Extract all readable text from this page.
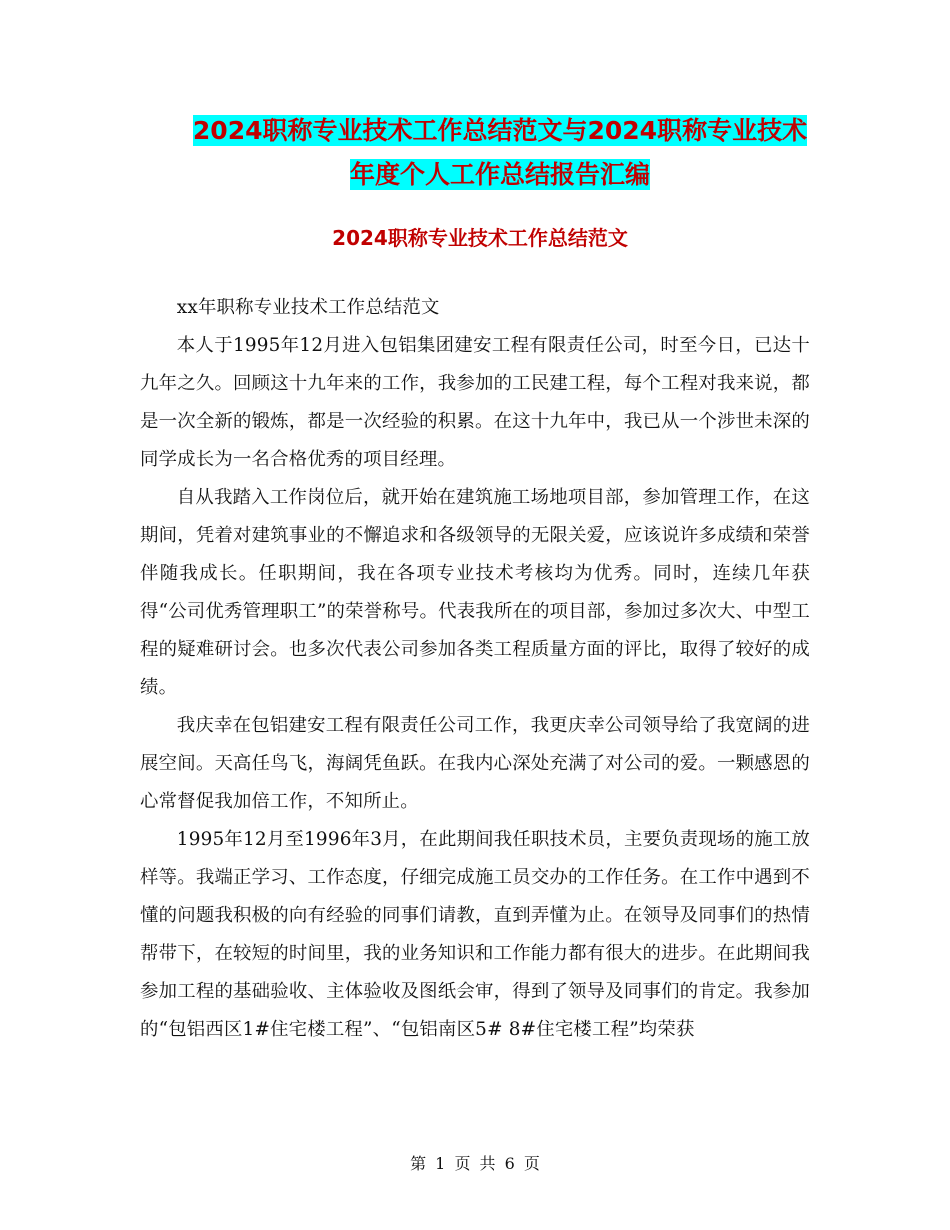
2024职称专业技术工作总结范文与2024职称专业技术
年度个人工作总结报告汇编
2024职称专业技术工作总结范文

xx年职称专业技术工作总结范文

本人于1995年12月进入包铝集团建安工程有限责任公司，时至今日，已达十九年之久。回顾这十九年来的工作，我参加的工民建工程，每个工程对我来说，都是一次全新的锻炼，都是一次经验的积累。在这十九年中，我已从一个涉世未深的同学成长为一名合格优秀的项目经理。

自从我踏入工作岗位后，就开始在建筑施工场地项目部，参加管理工作，在这期间，凭着对建筑事业的不懈追求和各级领导的无限关爱，应该说许多成绩和荣誉伴随我成长。任职期间，我在各项专业技术考核均为优秀。同时，连续几年获得“公司优秀管理职工”的荣誉称号。代表我所在的项目部，参加过多次大、中型工程的疑难研讨会。也多次代表公司参加各类工程质量方面的评比，取得了较好的成绩。

我庆幸在包铝建安工程有限责任公司工作，我更庆幸公司领导给了我宽阔的进展空间。天高任鸟飞，海阔凭鱼跃。在我内心深处充满了对公司的爱。一颗感恩的心常督促我加倍工作，不知所止。

1995年12月至1996年3月，在此期间我任职技术员，主要负责现场的施工放样等。我端正学习、工作态度，仔细完成施工员交办的工作任务。在工作中遇到不懂的问题我积极的向有经验的同事们请教，直到弄懂为止。在领导及同事们的热情帮带下，在较短的时间里，我的业务知识和工作能力都有很大的进步。在此期间我参加工程的基础验收、主体验收及图纸会审，得到了领导及同事们的肯定。我参加的“包铝西区1#住宅楼工程”、“包铝南区5# 8#住宅楼工程”均荣获

第 1 页 共 6 页
